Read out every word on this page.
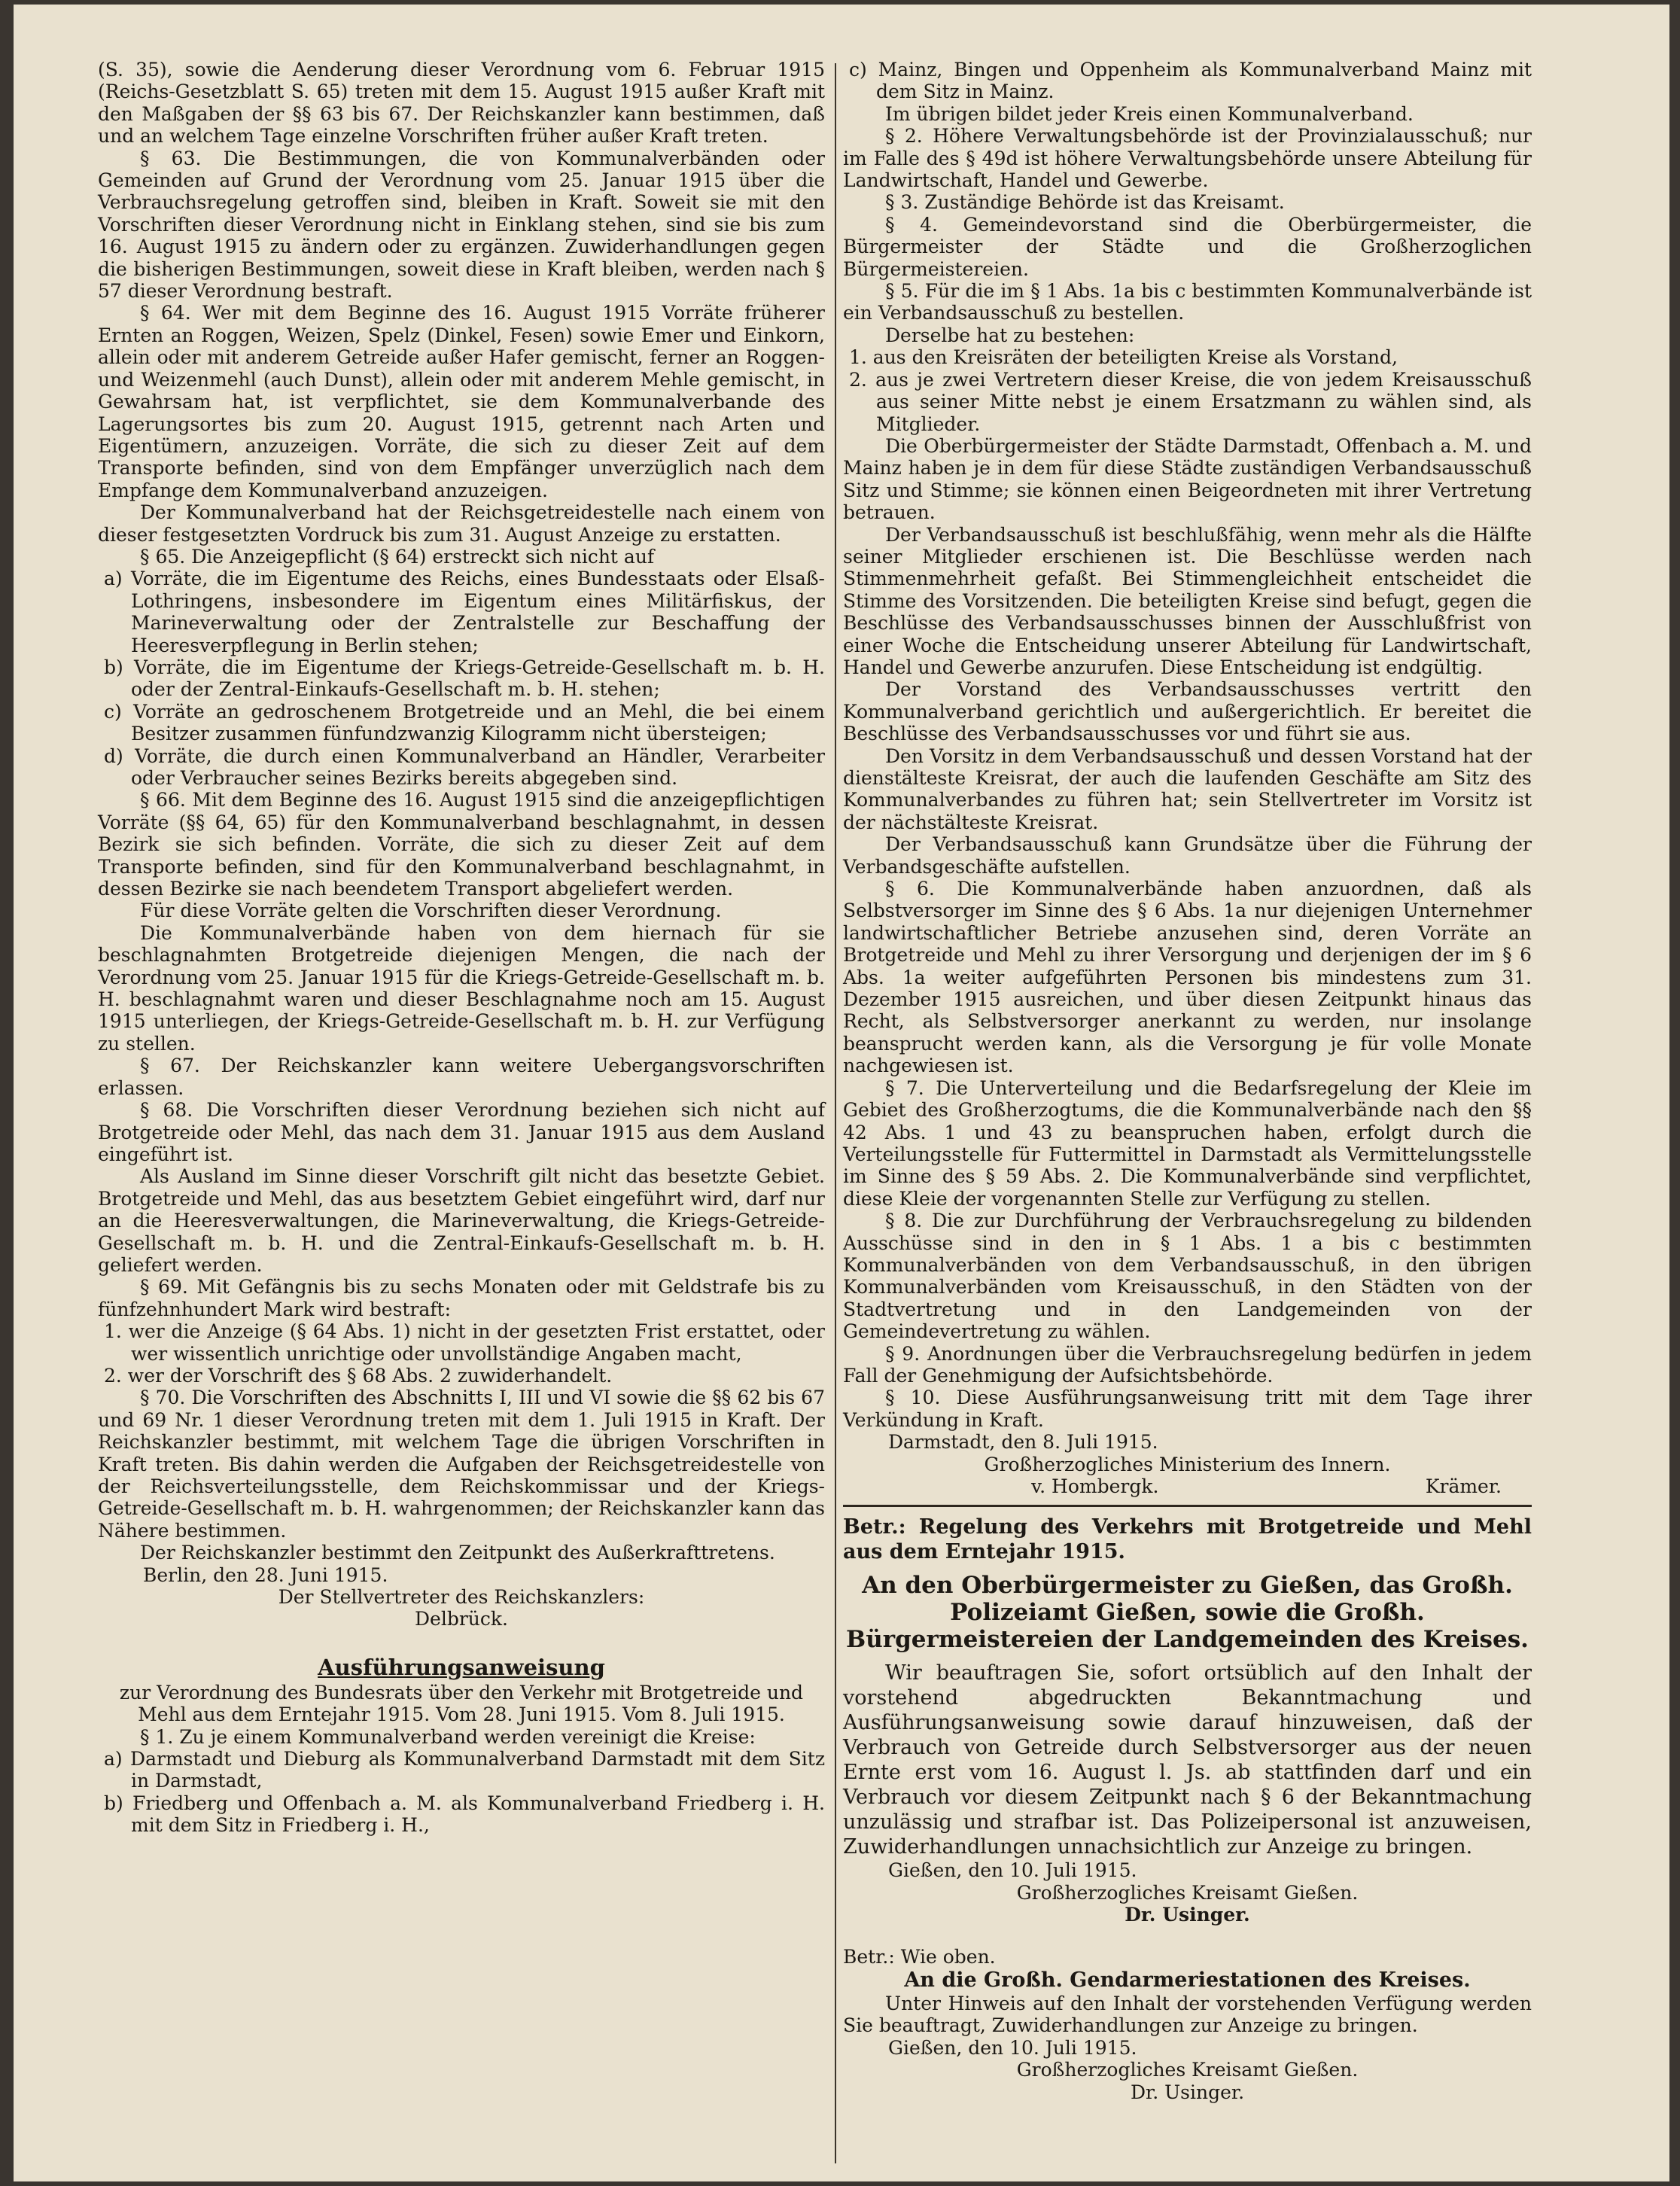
(S. 35), sowie die Aenderung dieser Verordnung vom 6. Februar 1915 (Reichs-Gesetzblatt S. 65) treten mit dem 15. August 1915 außer Kraft mit den Maßgaben der §§ 63 bis 67. Der Reichskanzler kann bestimmen, daß und an welchem Tage einzelne Vorschriften früher außer Kraft treten.

§ 63. Die Bestimmungen, die von Kommunalverbänden oder Gemeinden auf Grund der Verordnung vom 25. Januar 1915 über die Verbrauchsregelung getroffen sind, bleiben in Kraft. Soweit sie mit den Vorschriften dieser Verordnung nicht in Einklang stehen, sind sie bis zum 16. August 1915 zu ändern oder zu ergänzen. Zuwiderhandlungen gegen die bisherigen Bestimmungen, soweit diese in Kraft bleiben, werden nach § 57 dieser Verordnung bestraft.

§ 64. Wer mit dem Beginne des 16. August 1915 Vorräte früherer Ernten an Roggen, Weizen, Spelz (Dinkel, Fesen) sowie Emer und Einkorn, allein oder mit anderem Getreide außer Hafer gemischt, ferner an Roggen- und Weizenmehl (auch Dunst), allein oder mit anderem Mehle gemischt, in Gewahrsam hat, ist verpflichtet, sie dem Kommunalverbande des Lagerungsortes bis zum 20. August 1915, getrennt nach Arten und Eigentümern, anzuzeigen. Vorräte, die sich zu dieser Zeit auf dem Transporte befinden, sind von dem Empfänger unverzüglich nach dem Empfange dem Kommunalverband anzuzeigen.

Der Kommunalverband hat der Reichsgetreidestelle nach einem von dieser festgesetzten Vordruck bis zum 31. August Anzeige zu erstatten.

§ 65. Die Anzeigepflicht (§ 64) erstreckt sich nicht auf

a) Vorräte, die im Eigentume des Reichs, eines Bundesstaats oder Elsaß-Lothringens, insbesondere im Eigentum eines Militärfiskus, der Marineverwaltung oder der Zentralstelle zur Beschaffung der Heeresverpflegung in Berlin stehen;

b) Vorräte, die im Eigentume der Kriegs-Getreide-Gesellschaft m. b. H. oder der Zentral-Einkaufs-Gesellschaft m. b. H. stehen;

c) Vorräte an gedroschenem Brotgetreide und an Mehl, die bei einem Besitzer zusammen fünfundzwanzig Kilogramm nicht übersteigen;

d) Vorräte, die durch einen Kommunalverband an Händler, Verarbeiter oder Verbraucher seines Bezirks bereits abgegeben sind.

§ 66. Mit dem Beginne des 16. August 1915 sind die anzeigepflichtigen Vorräte (§§ 64, 65) für den Kommunalverband beschlagnahmt, in dessen Bezirk sie sich befinden. Vorräte, die sich zu dieser Zeit auf dem Transporte befinden, sind für den Kommunalverband beschlagnahmt, in dessen Bezirke sie nach beendetem Transport abgeliefert werden.

Für diese Vorräte gelten die Vorschriften dieser Verordnung.

Die Kommunalverbände haben von dem hiernach für sie beschlagnahmten Brotgetreide diejenigen Mengen, die nach der Verordnung vom 25. Januar 1915 für die Kriegs-Getreide-Gesellschaft m. b. H. beschlagnahmt waren und dieser Beschlagnahme noch am 15. August 1915 unterliegen, der Kriegs-Getreide-Gesellschaft m. b. H. zur Verfügung zu stellen.

§ 67. Der Reichskanzler kann weitere Uebergangsvorschriften erlassen.

§ 68. Die Vorschriften dieser Verordnung beziehen sich nicht auf Brotgetreide oder Mehl, das nach dem 31. Januar 1915 aus dem Ausland eingeführt ist.

Als Ausland im Sinne dieser Vorschrift gilt nicht das besetzte Gebiet. Brotgetreide und Mehl, das aus besetztem Gebiet eingeführt wird, darf nur an die Heeresverwaltungen, die Marineverwaltung, die Kriegs-Getreide-Gesellschaft m. b. H. und die Zentral-Einkaufs-Gesellschaft m. b. H. geliefert werden.

§ 69. Mit Gefängnis bis zu sechs Monaten oder mit Geldstrafe bis zu fünfzehnhundert Mark wird bestraft:

1. wer die Anzeige (§ 64 Abs. 1) nicht in der gesetzten Frist erstattet, oder wer wissentlich unrichtige oder unvollständige Angaben macht,

2. wer der Vorschrift des § 68 Abs. 2 zuwiderhandelt.

§ 70. Die Vorschriften des Abschnitts I, III und VI sowie die §§ 62 bis 67 und 69 Nr. 1 dieser Verordnung treten mit dem 1. Juli 1915 in Kraft. Der Reichskanzler bestimmt, mit welchem Tage die übrigen Vorschriften in Kraft treten. Bis dahin werden die Aufgaben der Reichsgetreidestelle von der Reichsverteilungsstelle, dem Reichskommissar und der Kriegs-Getreide-Gesellschaft m. b. H. wahrgenommen; der Reichskanzler kann das Nähere bestimmen.

Der Reichskanzler bestimmt den Zeitpunkt des Außerkrafttretens.

Berlin, den 28. Juni 1915.

Der Stellvertreter des Reichskanzlers:

Delbrück.

Ausführungsanweisung

zur Verordnung des Bundesrats über den Verkehr mit Brotgetreide und Mehl aus dem Erntejahr 1915. Vom 28. Juni 1915. Vom 8. Juli 1915.

§ 1. Zu je einem Kommunalverband werden vereinigt die Kreise:

a) Darmstadt und Dieburg als Kommunalverband Darmstadt mit dem Sitz in Darmstadt,

b) Friedberg und Offenbach a. M. als Kommunalverband Friedberg i. H. mit dem Sitz in Friedberg i. H.,

c) Mainz, Bingen und Oppenheim als Kommunalverband Mainz mit dem Sitz in Mainz.

Im übrigen bildet jeder Kreis einen Kommunalverband.

§ 2. Höhere Verwaltungsbehörde ist der Provinzialausschuß; nur im Falle des § 49d ist höhere Verwaltungsbehörde unsere Abteilung für Landwirtschaft, Handel und Gewerbe.

§ 3. Zuständige Behörde ist das Kreisamt.

§ 4. Gemeindevorstand sind die Oberbürgermeister, die Bürgermeister der Städte und die Großherzoglichen Bürgermeistereien.

§ 5. Für die im § 1 Abs. 1a bis c bestimmten Kommunalverbände ist ein Verbandsausschuß zu bestellen.

Derselbe hat zu bestehen:

1. aus den Kreisräten der beteiligten Kreise als Vorstand,

2. aus je zwei Vertretern dieser Kreise, die von jedem Kreisausschuß aus seiner Mitte nebst je einem Ersatzmann zu wählen sind, als Mitglieder.

Die Oberbürgermeister der Städte Darmstadt, Offenbach a. M. und Mainz haben je in dem für diese Städte zuständigen Verbandsausschuß Sitz und Stimme; sie können einen Beigeordneten mit ihrer Vertretung betrauen.

Der Verbandsausschuß ist beschlußfähig, wenn mehr als die Hälfte seiner Mitglieder erschienen ist. Die Beschlüsse werden nach Stimmenmehrheit gefaßt. Bei Stimmengleichheit entscheidet die Stimme des Vorsitzenden. Die beteiligten Kreise sind befugt, gegen die Beschlüsse des Verbandsausschusses binnen der Ausschlußfrist von einer Woche die Entscheidung unserer Abteilung für Landwirtschaft, Handel und Gewerbe anzurufen. Diese Entscheidung ist endgültig.

Der Vorstand des Verbandsausschusses vertritt den Kommunalverband gerichtlich und außergerichtlich. Er bereitet die Beschlüsse des Verbandsausschusses vor und führt sie aus.

Den Vorsitz in dem Verbandsausschuß und dessen Vorstand hat der dienstälteste Kreisrat, der auch die laufenden Geschäfte am Sitz des Kommunalverbandes zu führen hat; sein Stellvertreter im Vorsitz ist der nächstälteste Kreisrat.

Der Verbandsausschuß kann Grundsätze über die Führung der Verbandsgeschäfte aufstellen.

§ 6. Die Kommunalverbände haben anzuordnen, daß als Selbstversorger im Sinne des § 6 Abs. 1a nur diejenigen Unternehmer landwirtschaftlicher Betriebe anzusehen sind, deren Vorräte an Brotgetreide und Mehl zu ihrer Versorgung und derjenigen der im § 6 Abs. 1a weiter aufgeführten Personen bis mindestens zum 31. Dezember 1915 ausreichen, und über diesen Zeitpunkt hinaus das Recht, als Selbstversorger anerkannt zu werden, nur insolange beansprucht werden kann, als die Versorgung je für volle Monate nachgewiesen ist.

§ 7. Die Unterverteilung und die Bedarfsregelung der Kleie im Gebiet des Großherzogtums, die die Kommunalverbände nach den §§ 42 Abs. 1 und 43 zu beanspruchen haben, erfolgt durch die Verteilungsstelle für Futtermittel in Darmstadt als Vermittelungsstelle im Sinne des § 59 Abs. 2. Die Kommunalverbände sind verpflichtet, diese Kleie der vorgenannten Stelle zur Verfügung zu stellen.

§ 8. Die zur Durchführung der Verbrauchsregelung zu bildenden Ausschüsse sind in den in § 1 Abs. 1 a bis c bestimmten Kommunalverbänden von dem Verbandsausschuß, in den übrigen Kommunalverbänden vom Kreisausschuß, in den Städten von der Stadtvertretung und in den Landgemeinden von der Gemeindevertretung zu wählen.

§ 9. Anordnungen über die Verbrauchsregelung bedürfen in jedem Fall der Genehmigung der Aufsichtsbehörde.

§ 10. Diese Ausführungsanweisung tritt mit dem Tage ihrer Verkündung in Kraft.

Darmstadt, den 8. Juli 1915.

Großherzogliches Ministerium des Innern.

v. Hombergk.	Krämer.

Betr.: Regelung des Verkehrs mit Brotgetreide und Mehl aus dem Erntejahr 1915.

An den Oberbürgermeister zu Gießen, das Großh. Polizeiamt Gießen, sowie die Großh. Bürgermeistereien der Landgemeinden des Kreises.

Wir beauftragen Sie, sofort ortsüblich auf den Inhalt der vorstehend abgedruckten Bekanntmachung und Ausführungsanweisung sowie darauf hinzuweisen, daß der Verbrauch von Getreide durch Selbstversorger aus der neuen Ernte erst vom 16. August l. Js. ab stattfinden darf und ein Verbrauch vor diesem Zeitpunkt nach § 6 der Bekanntmachung unzulässig und strafbar ist. Das Polizeipersonal ist anzuweisen, Zuwiderhandlungen unnachsichtlich zur Anzeige zu bringen.

Gießen, den 10. Juli 1915.

Großherzogliches Kreisamt Gießen.

Dr. Usinger.

Betr.: Wie oben.

An die Großh. Gendarmeriestationen des Kreises.

Unter Hinweis auf den Inhalt der vorstehenden Verfügung werden Sie beauftragt, Zuwiderhandlungen zur Anzeige zu bringen.

Gießen, den 10. Juli 1915.

Großherzogliches Kreisamt Gießen.

Dr. Usinger.
